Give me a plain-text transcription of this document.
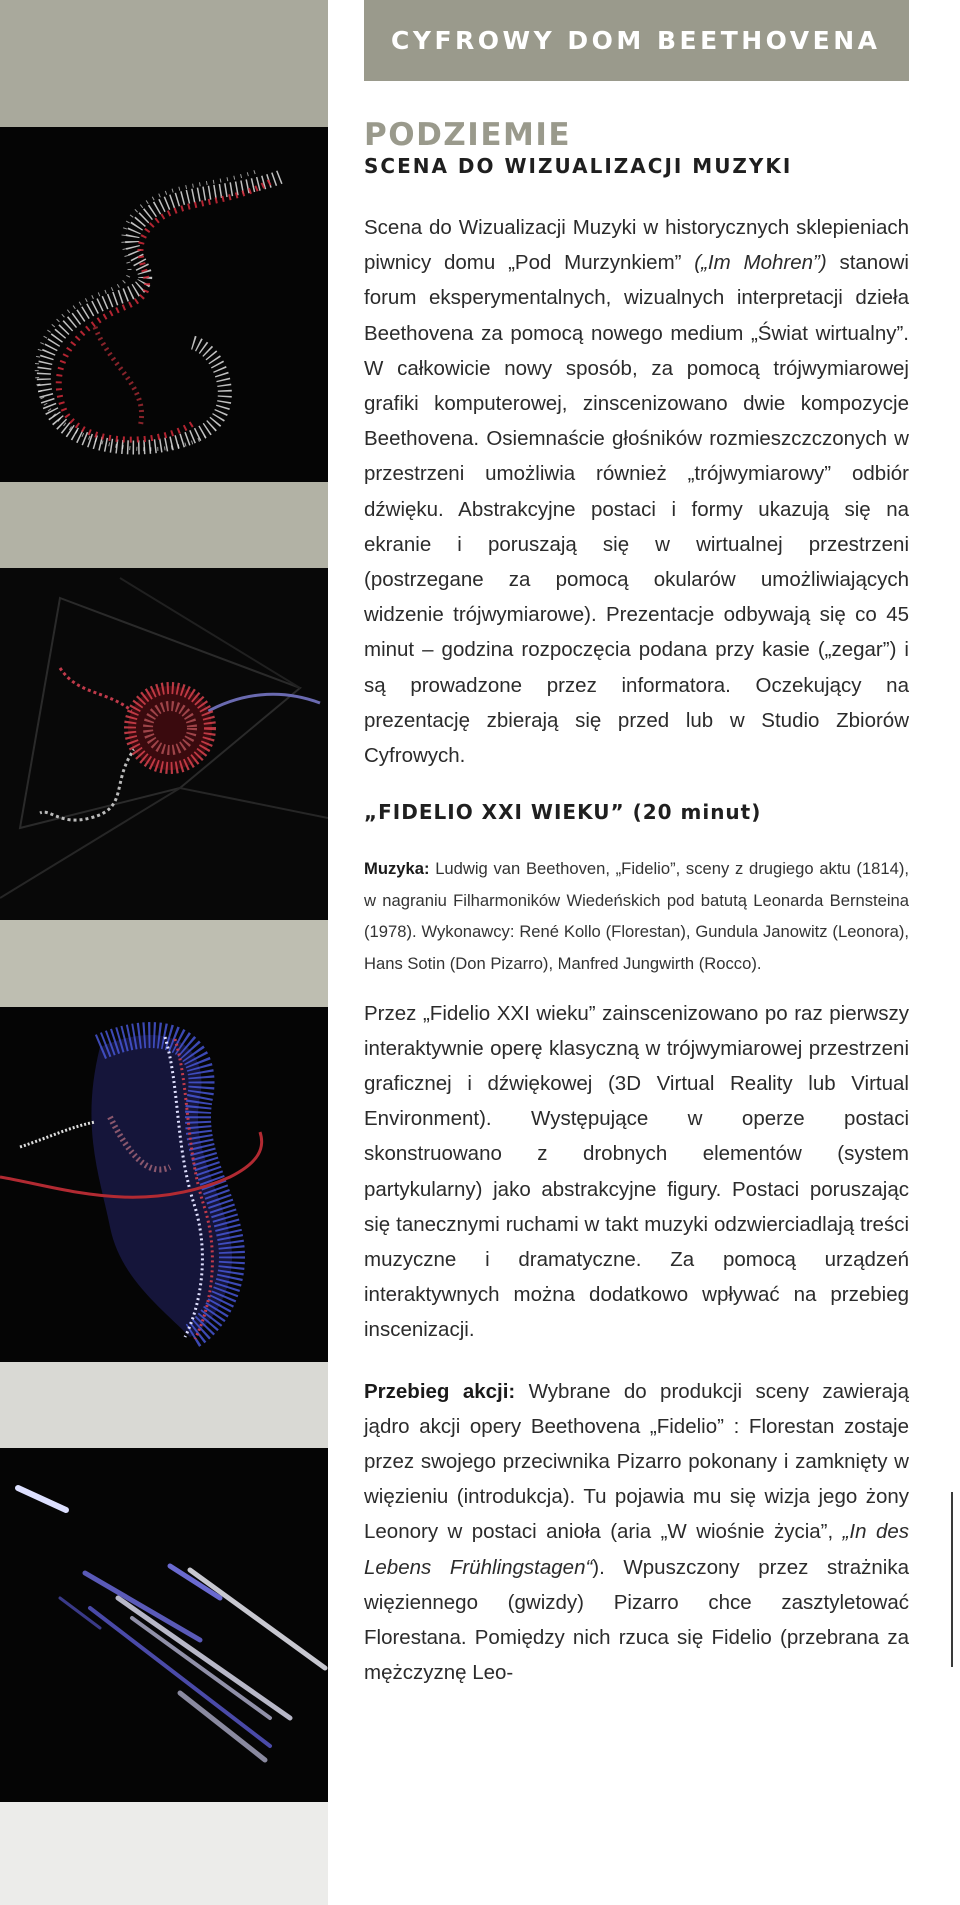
CYFROWY DOM BEETHOVENA
PODZIEMIE
SCENA DO WIZUALIZACJI MUZYKI

Scena do Wizualizacji Muzyki w historycznych sklepieniach piwnicy domu „Pod Murzynkiem” („Im Mohren”) stanowi forum eksperymentalnych, wizualnych interpretacji dzieła Beethovena za pomocą nowego medium „Świat wirtualny”. W całkowicie nowy sposób, za pomocą trójwymiarowej grafiki komputerowej, zinscenizowano dwie kompozycje Beethovena. Osiemnaście głośników rozmieszczczonych w przestrzeni umożliwia również „trójwymiarowy” odbiór dźwięku. Abstrakcyjne postaci i formy ukazują się na ekranie i poruszają się w wirtualnej przestrzeni (postrzegane za pomocą okularów umożliwiających widzenie trójwymiarowe). Prezentacje odbywają się co 45 minut – godzina rozpoczęcia podana przy kasie („zegar”) i są prowadzone przez informatora. Oczekujący na prezentację zbierają się przed lub w Studio Zbiorów Cyfrowych.

„FIDELIO XXI WIEKU” (20 minut)

Muzyka: Ludwig van Beethoven, „Fidelio”, sceny z drugiego aktu (1814), w nagraniu Filharmoników Wiedeńskich pod batutą Leonarda Bernsteina (1978). Wykonawcy: René Kollo (Florestan), Gundula Janowitz (Leonora), Hans Sotin (Don Pizarro), Manfred Jungwirth (Rocco).

Przez „Fidelio XXI wieku” zainscenizowano po raz pierwszy interaktywnie operę klasyczną w trójwymiarowej przestrzeni graficznej i dźwiękowej (3D Virtual Reality lub Virtual Environment). Występujące w operze postaci skonstruowano z drobnych elementów (system partykularny) jako abstrakcyjne figury. Postaci poruszając się tanecznymi ruchami w takt muzyki odzwierciadlają treści muzyczne i dramatyczne. Za pomocą urządzeń interaktywnych można dodatkowo wpływać na przebieg inscenizacji.

Przebieg akcji: Wybrane do produkcji sceny zawierają jądro akcji opery Beethovena „Fidelio” : Florestan zostaje przez swojego przeciwnika Pizarro pokonany i zamknięty w więzieniu (introdukcja). Tu pojawia mu się wizja jego żony Leonory w postaci anioła (aria „W wiośnie życia”, „In des Lebens Frühlingstagen“). Wpuszczony przez strażnika więziennego (gwizdy) Pizarro chce zasztyletować Florestana. Pomiędzy nich rzuca się Fidelio (przebrana za mężczyznę Leo-
